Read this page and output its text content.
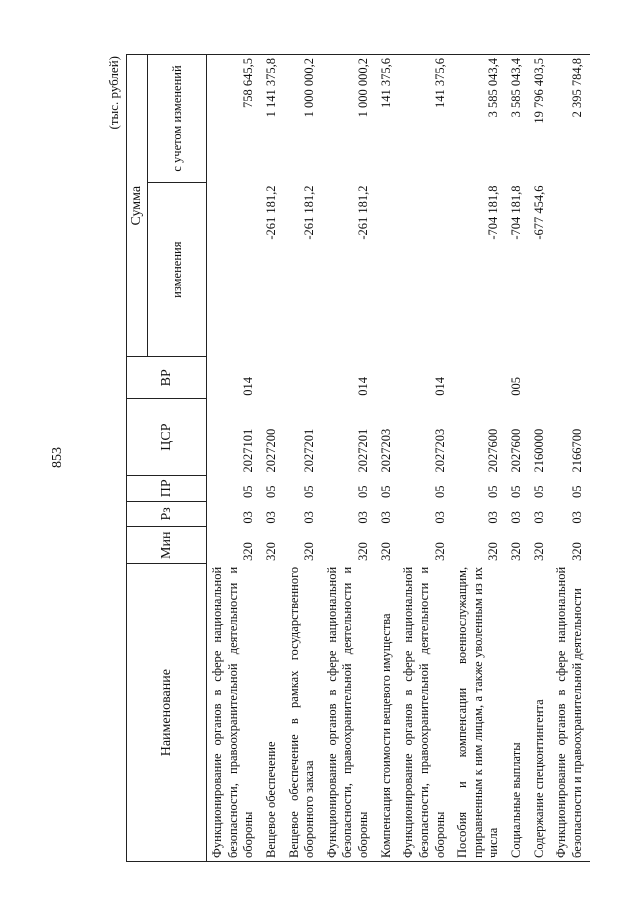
853
(тыс. рублей)
Наименование	Мин	Рз	ПР	ЦСР	ВР	Сумма	
						изменения	с учетом изменений
Функционирование органов в сфере национальной безопасности, правоохранительной деятельности и обороны	320	03	05	2027101	014		758 645,5
Вещевое обеспечение	320	03	05	2027200		-261 181,2	1 141 375,8
Вещевое обеспечение в рамках государственного оборонного заказа	320	03	05	2027201		-261 181,2	1 000 000,2
Функционирование органов в сфере национальной безопасности, правоохранительной деятельности и обороны	320	03	05	2027201	014	-261 181,2	1 000 000,2
Компенсация стоимости вещевого имущества	320	03	05	2027203			141 375,6
Функционирование органов в сфере национальной безопасности, правоохранительной деятельности и обороны	320	03	05	2027203	014		141 375,6
Пособия и компенсации военнослужащим, приравненным к ним лицам, а также уволенным из их числа	320	03	05	2027600		-704 181,8	3 585 043,4
Социальные выплаты	320	03	05	2027600	005	-704 181,8	3 585 043,4
Содержание спецконтингента	320	03	05	2160000		-677 454,6	19 796 403,5
Функционирование органов в сфере национальной безопасности и правоохранительной деятельности	320	03	05	2166700			2 395 784,8
